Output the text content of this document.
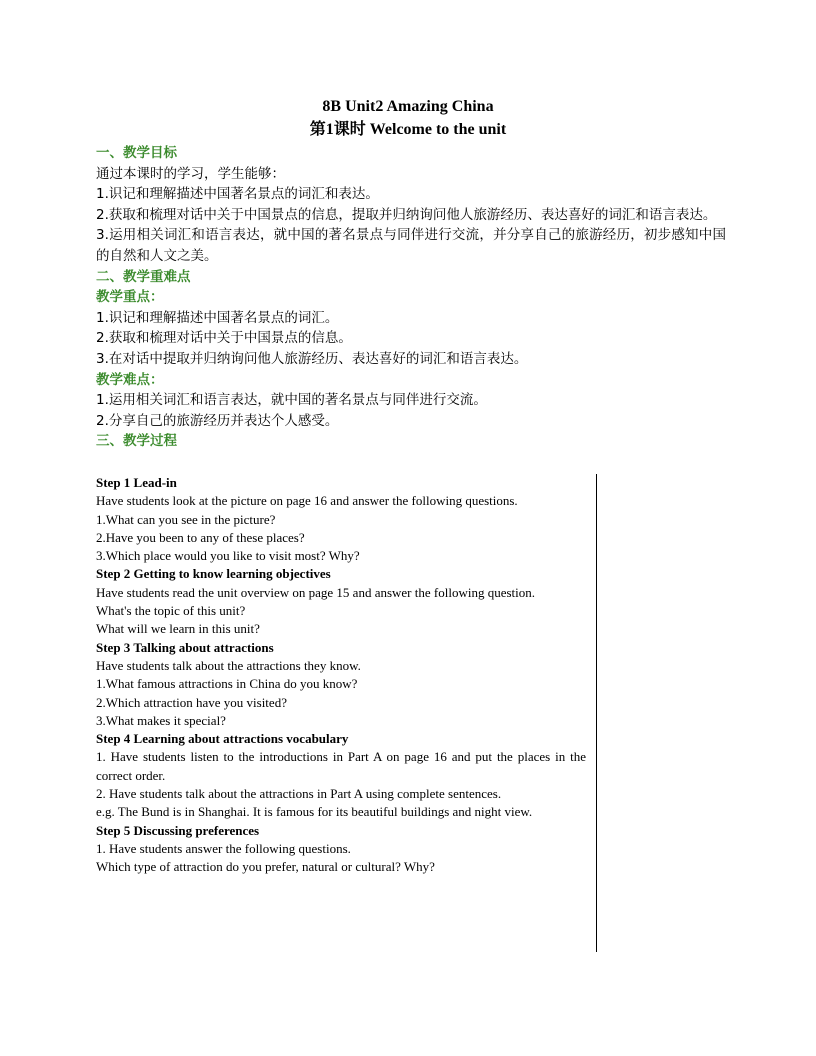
8B Unit2 Amazing China
第1课时 Welcome to the unit
一、教学目标
通过本课时的学习，学生能够：
1.识记和理解描述中国著名景点的词汇和表达。
2.获取和梳理对话中关于中国景点的信息，提取并归纳询问他人旅游经历、表达喜好的词汇和语言表达。
3.运用相关词汇和语言表达，就中国的著名景点与同伴进行交流，并分享自己的旅游经历，初步感知中国的自然和人文之美。
二、教学重难点
教学重点：
1.识记和理解描述中国著名景点的词汇。
2.获取和梳理对话中关于中国景点的信息。
3.在对话中提取并归纳询问他人旅游经历、表达喜好的词汇和语言表达。
教学难点：
1.运用相关词汇和语言表达，就中国的著名景点与同伴进行交流。
2.分享自己的旅游经历并表达个人感受。
三、教学过程
Step 1 Lead-in
Have students look at the picture on page 16 and answer the following questions.
1.What can you see in the picture?
2.Have you been to any of these places?
3.Which place would you like to visit most? Why?
Step 2 Getting to know learning objectives
Have students read the unit overview on page 15 and answer the following question.
What's the topic of this unit?
What will we learn in this unit?
Step 3 Talking about attractions
Have students talk about the attractions they know.
1.What famous attractions in China do you know?
2.Which attraction have you visited?
3.What makes it special?
Step 4 Learning about attractions vocabulary
1. Have students listen to the introductions in Part A on page 16 and put the places in the correct order.
2. Have students talk about the attractions in Part A using complete sentences.
e.g. The Bund is in Shanghai. It is famous for its beautiful buildings and night view.
Step 5 Discussing preferences
1. Have students answer the following questions.
Which type of attraction do you prefer, natural or cultural? Why?
